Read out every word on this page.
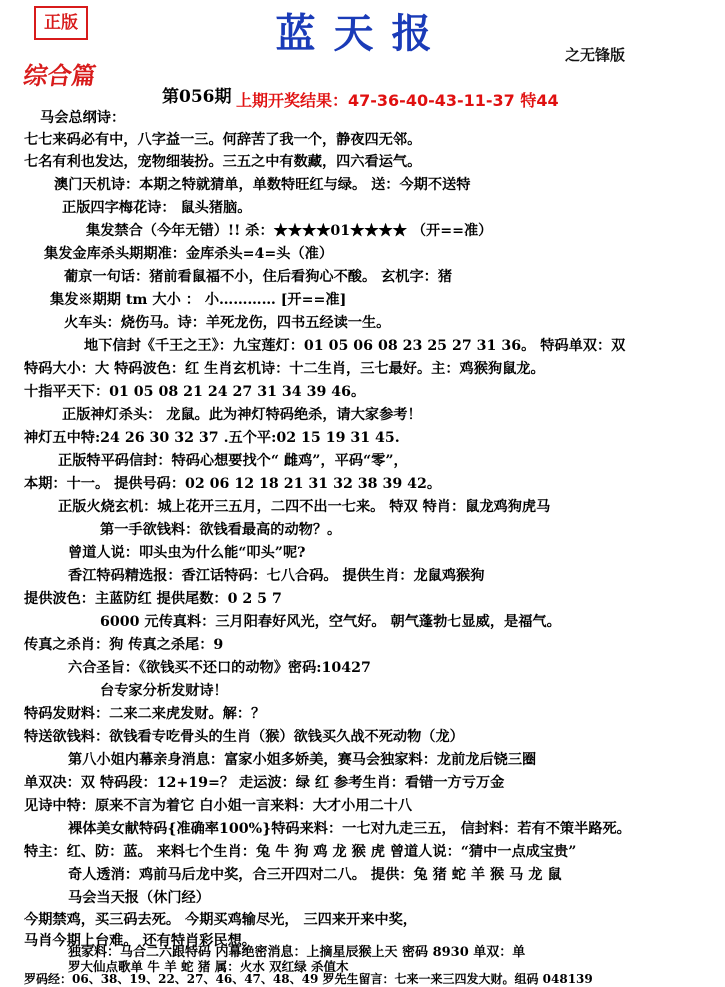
正版	蓝天报	之无锋版
综合篇
第056期 上期开奖结果：47-36-40-43-11-37 特44
马会总纲诗：
七七来码必有中，八字益一三。何辞苦了我一个，静夜四无邻。
七名有利也发达，宠物细装扮。三五之中有数藏，四六看运气。
澳门天机诗：本期之特就猜单，单数特旺红与绿。 送：今期不送特
正版四字梅花诗： 鼠头猪脑。
集发禁合（今年无错）!! 杀：★★★★01★★★★ （开==准）
集发金库杀头期期准：金库杀头=4=头（准）
葡京一句话：猪前看鼠福不小，住后看狗心不酸。 玄机字：猪
集发※期期 tm 大小 ： 小………… [开==准]
火车头：烧伤马。诗：羊死龙伤，四书五经读一生。
地下信封《千王之王》：九宝莲灯：01 05 06 08 23 25 27 31 36。 特码单双：双
特码大小：大 特码波色：红 生肖玄机诗：十二生肖，三七最好。主：鸡猴狗鼠龙。
十指平天下：01 05 08 21 24 27 31 34 39 46。
正版神灯杀头： 龙鼠。此为神灯特码绝杀，请大家参考！
神灯五中特:24 26 30 32 37 .五个平:02 15 19 31 45.
正版特平码信封：特码心想要找个“ 雌鸡”，平码“零”，
本期：十一。 提供号码：02 06 12 18 21 31 32 38 39 42。
正版火烧玄机：城上花开三五月，二四不出一七来。 特双 特肖：鼠龙鸡狗虎马
第一手欲钱料：欲钱看最高的动物？。
曾道人说：叩头虫为什么能“叩头”呢?
香江特码精选报：香江话特码：七八合码。 提供生肖：龙鼠鸡猴狗
提供波色：主蓝防红 提供尾数：0 2 5 7
6000 元传真料：三月阳春好风光，空气好。 朝气蓬勃七显威，是福气。
传真之杀肖：狗 传真之杀尾：9
六合圣旨：《欲钱买不还口的动物》密码:10427
台专家分析发财诗！
特码发财料：二来二来虎发财。解：？
特送欲钱料：欲钱看专吃骨头的生肖（猴）欲钱买久战不死动物（龙）
第八小姐内幕亲身消息：富家小姐多娇美，赛马会独家料：龙前龙后铙三圈
单双决：双 特码段：12+19=？ 走运波：绿 红 参考生肖：看错一方亏万金
见诗中特：原来不言为着它 白小姐一言来料：大才小用二十八
裸体美女献特码{准确率100%}特码来料：一七对九走三五， 信封料：若有不策半路死。
特主：红、防：蓝。 来料七个生肖：兔 牛 狗 鸡 龙 猴 虎 曾道人说：“猜中一点成宝贵”
奇人透消：鸡前马后龙中奖，合三开四对二八。 提供：兔 猪 蛇 羊 猴 马 龙 鼠
马会当天报（休门经）
今期禁鸡，买三码去死。 今期买鸡输尽光， 三四来开来中奖，
马肖今期上台难。 还有特肖彩民想。
独家料：马合二六跟特码 内幕绝密消息：上摘星辰猴上天 密码 8930 单双：单
罗大仙点歌单 牛 羊 蛇 猪 属：火水 双红绿 杀值木
罗码经：06、38、19、22、27、46、47、48、49 罗先生留言：七来一来三四发大财。组码 048139
